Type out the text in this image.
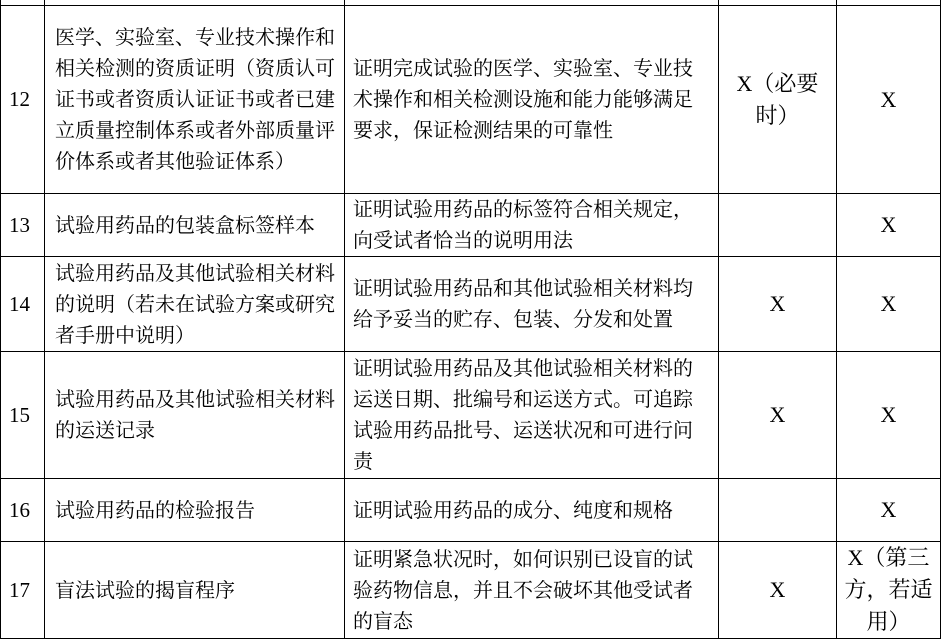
12	医学、实验室、专业技术操作和相关检测的资质证明（资质认可证书或者资质认证证书或者已建立质量控制体系或者外部质量评价体系或者其他验证体系）	证明完成试验的医学、实验室、专业技术操作和相关检测设施和能力能够满足要求，保证检测结果的可靠性	X（必要时）	X
13	试验用药品的包装盒标签样本	证明试验用药品的标签符合相关规定，向受试者恰当的说明用法		X
14	试验用药品及其他试验相关材料的说明（若未在试验方案或研究者手册中说明）	证明试验用药品和其他试验相关材料均给予妥当的贮存、包装、分发和处置	X	X
15	试验用药品及其他试验相关材料的运送记录	证明试验用药品及其他试验相关材料的运送日期、批编号和运送方式。可追踪试验用药品批号、运送状况和可进行问责	X	X
16	试验用药品的检验报告	证明试验用药品的成分、纯度和规格		X
17	盲法试验的揭盲程序	证明紧急状况时，如何识别已设盲的试验药物信息，并且不会破坏其他受试者的盲态	X	X（第三方，若适用）
